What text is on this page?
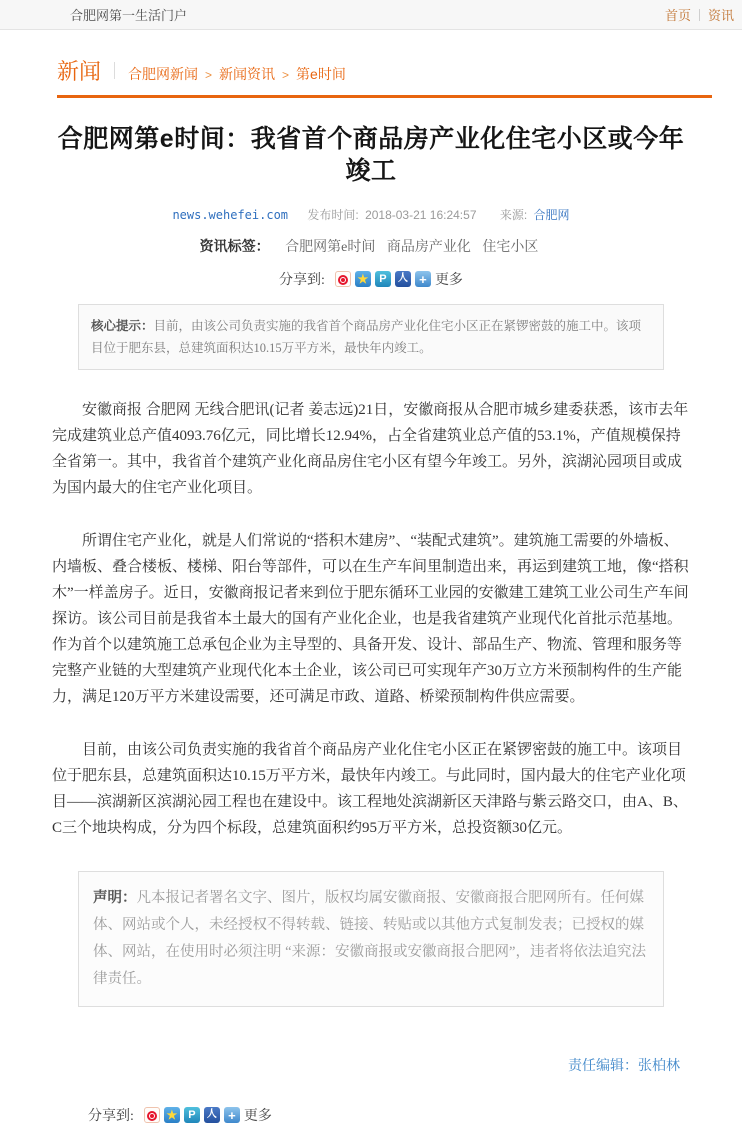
合肥网第一生活门户	首页 资讯
新闻 合肥网新闻 > 新闻资讯 > 第e时间
合肥网第e时间：我省首个商品房产业化住宅小区或今年竣工
news.wehefei.com 发布时间: 2018-03-21 16:24:57 来源: 合肥网
资讯标签： 合肥网第e时间 商品房产业化 住宅小区
分享到:	★ P	人 + 更多
核心提示：目前，由该公司负责实施的我省首个商品房产业化住宅小区正在紧锣密鼓的施工中。该项目位于肥东县，总建筑面积达10.15万平方米，最快年内竣工。

安徽商报 合肥网 无线合肥讯(记者 姜志远)21日，安徽商报从合肥市城乡建委获悉，该市去年完成建筑业总产值4093.76亿元，同比增长12.94%，占全省建筑业总产值的53.1%，产值规模保持全省第一。其中，我省首个建筑产业化商品房住宅小区有望今年竣工。另外，滨湖沁园项目或成为国内最大的住宅产业化项目。

所谓住宅产业化，就是人们常说的“搭积木建房”、“装配式建筑”。建筑施工需要的外墙板、内墙板、叠合楼板、楼梯、阳台等部件，可以在生产车间里制造出来，再运到建筑工地，像“搭积木”一样盖房子。近日，安徽商报记者来到位于肥东循环工业园的安徽建工建筑工业公司生产车间探访。该公司目前是我省本土最大的国有产业化企业，也是我省建筑产业现代化首批示范基地。作为首个以建筑施工总承包企业为主导型的、具备开发、设计、部品生产、物流、管理和服务等完整产业链的大型建筑产业现代化本土企业，该公司已可实现年产30万立方米预制构件的生产能力，满足120万平方米建设需要，还可满足市政、道路、桥梁预制构件供应需要。

目前，由该公司负责实施的我省首个商品房产业化住宅小区正在紧锣密鼓的施工中。该项目位于肥东县，总建筑面积达10.15万平方米，最快年内竣工。与此同时，国内最大的住宅产业化项目——滨湖新区滨湖沁园工程也在建设中。该工程地处滨湖新区天津路与紫云路交口，由A、B、C三个地块构成，分为四个标段，总建筑面积约95万平方米，总投资额30亿元。

声明：凡本报记者署名文字、图片，版权均属安徽商报、安徽商报合肥网所有。任何媒体、网站或个人，未经授权不得转载、链接、转贴或以其他方式复制发表；已授权的媒体、网站，在使用时必须注明 “来源：安徽商报或安徽商报合肥网”，违者将依法追究法律责任。
责任编辑：张柏林
分享到:	★ P	人 + 更多
